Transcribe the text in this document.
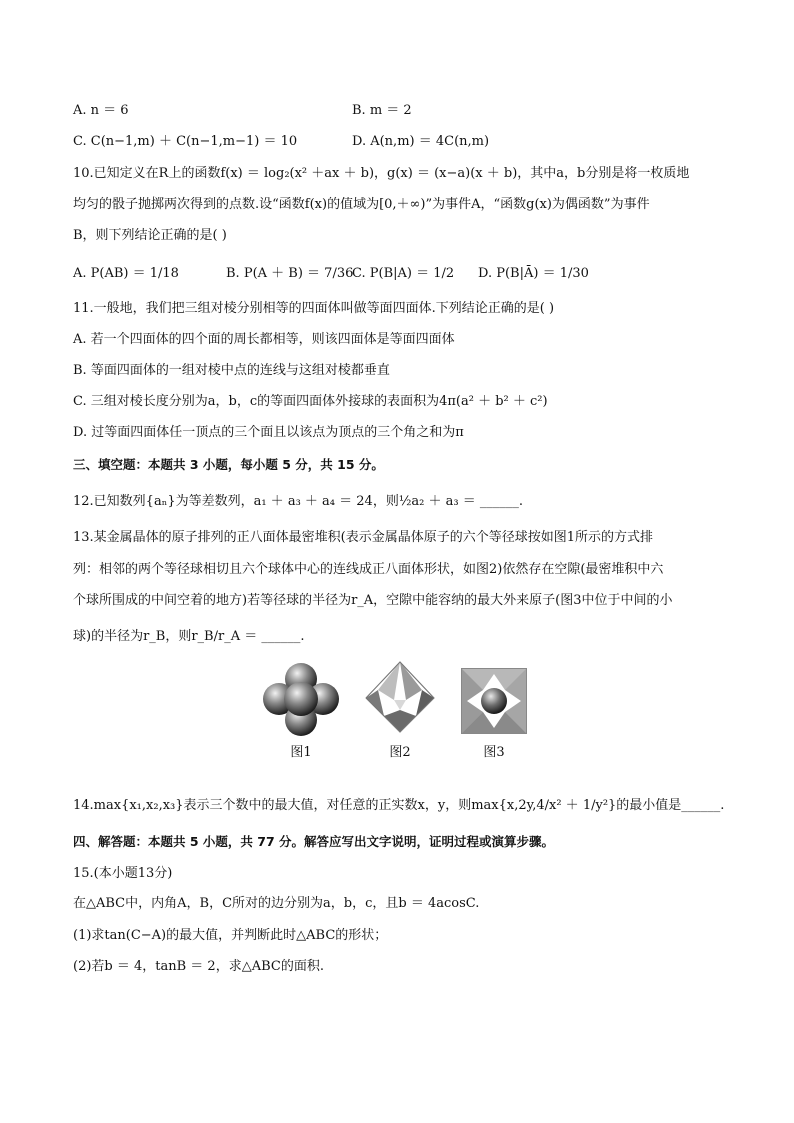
A. n ＝ 6	B. m ＝ 2
C. C(n−1,m) ＋ C(n−1,m−1) ＝ 10	D. A(n,m) ＝ 4C(n,m)
10.已知定义在R上的函数f(x) ＝ log₂(x² ＋ax ＋ b)，g(x) ＝ (x−a)(x ＋ b)，其中a，b分别是将一枚质地
均匀的骰子抛掷两次得到的点数.设“函数f(x)的值域为[0,＋∞)”为事件A，“函数g(x)为偶函数”为事件
B，则下列结论正确的是( )
A. P(AB) ＝ 1/18	B. P(A ＋ B) ＝ 7/36
C. P(B|A) ＝ 1/2 D. P(B|Ā) ＝ 1/30
11.一般地，我们把三组对棱分别相等的四面体叫做等面四面体.下列结论正确的是( )
A. 若一个四面体的四个面的周长都相等，则该四面体是等面四面体
B. 等面四面体的一组对棱中点的连线与这组对棱都垂直
C. 三组对棱长度分别为a，b，c的等面四面体外接球的表面积为4π(a² ＋ b² ＋ c²)
D. 过等面四面体任一顶点的三个面且以该点为顶点的三个角之和为π
三、填空题：本题共 3 小题，每小题 5 分，共 15 分。
12.已知数列{aₙ}为等差数列，a₁ ＋ a₃ ＋ a₄ ＝ 24，则½a₂ ＋ a₃ ＝ ______.
13.某金属晶体的原子排列的正八面体最密堆积(表示金属晶体原子的六个等径球按如图1所示的方式排
列：相邻的两个等径球相切且六个球体中心的连线成正八面体形状，如图2)依然存在空隙(最密堆积中六
个球所围成的中间空着的地方)若等径球的半径为r_A，空隙中能容纳的最大外来原子(图3中位于中间的小
球)的半径为r_B，则r_B/r_A ＝ ______.
图1	图2	图3
14.max{x₁,x₂,x₃}表示三个数中的最大值，对任意的正实数x，y，则max{x,2y,4/x² ＋ 1/y²}的最小值是______.
四、解答题：本题共 5 小题，共 77 分。解答应写出文字说明，证明过程或演算步骤。
15.(本小题13分)
在△ABC中，内角A，B，C所对的边分别为a，b，c，且b ＝ 4acosC.
(1)求tan(C−A)的最大值，并判断此时△ABC的形状；
(2)若b ＝ 4，tanB ＝ 2，求△ABC的面积.
